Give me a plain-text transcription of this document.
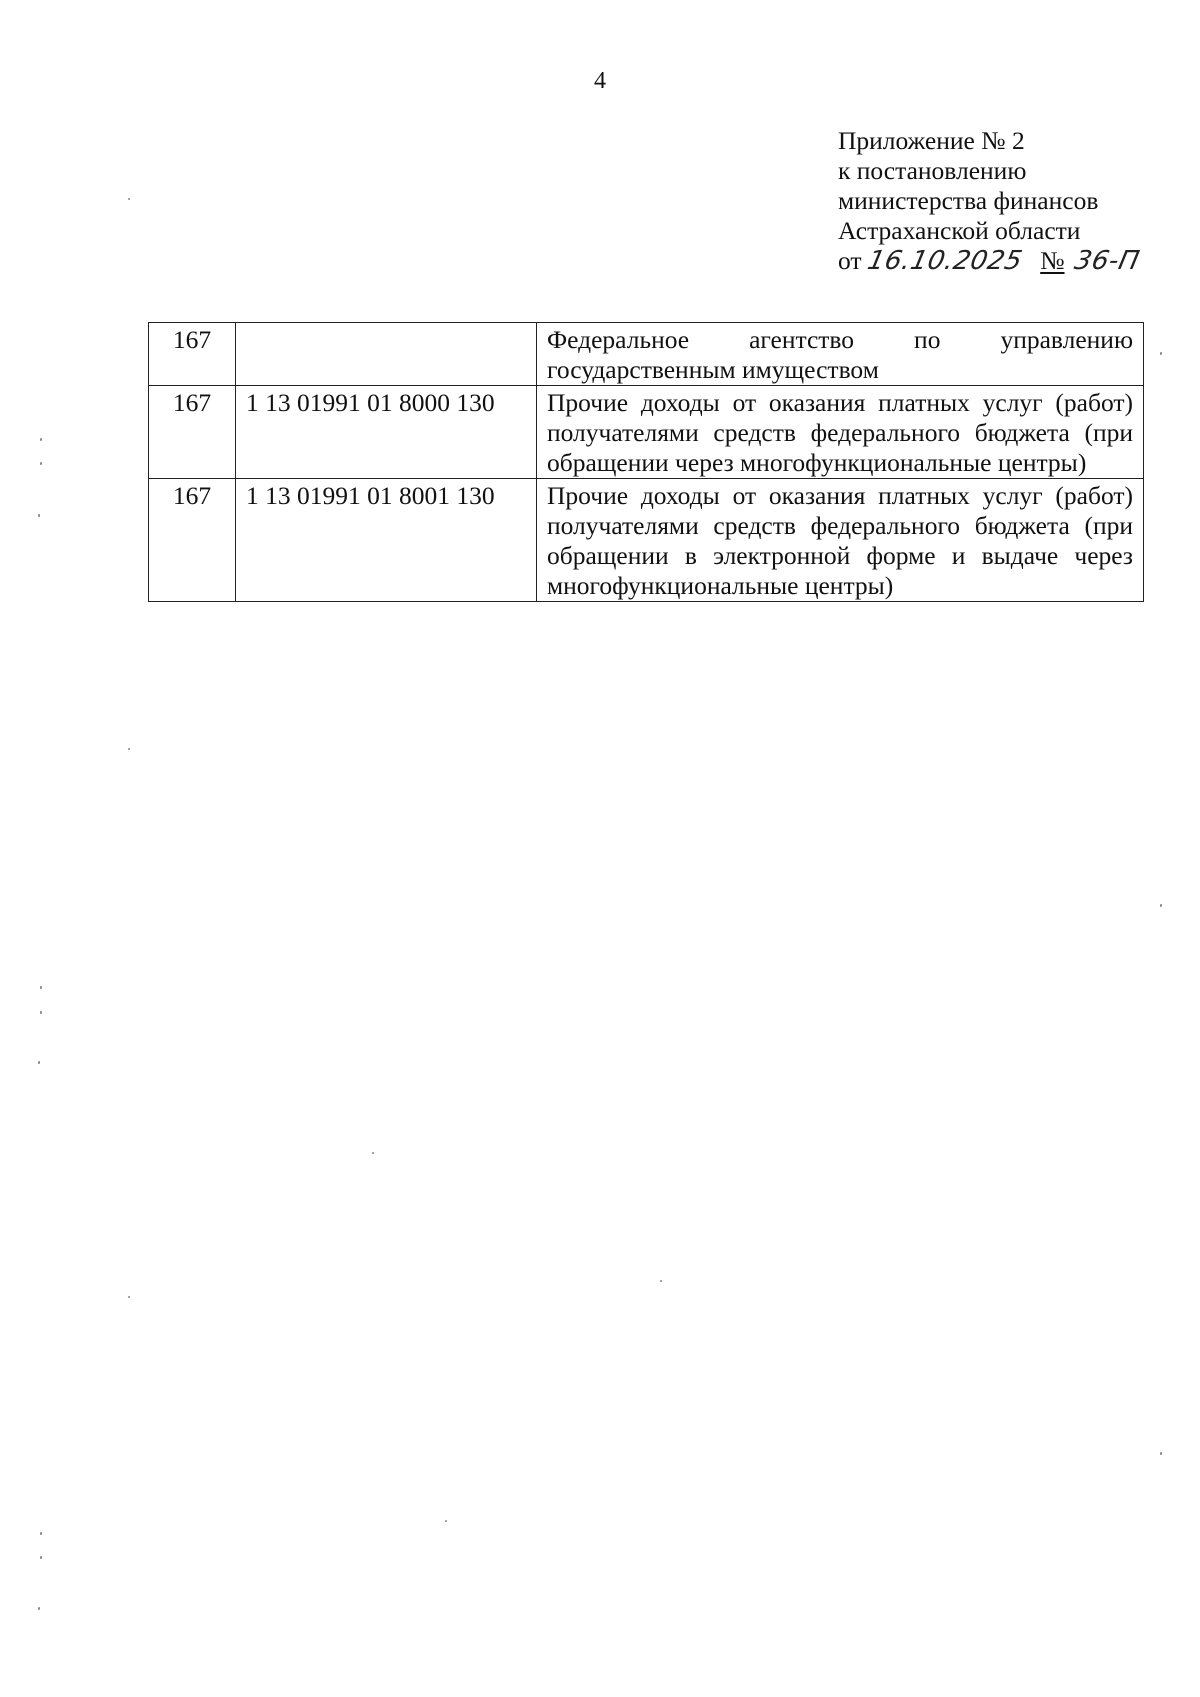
4
Приложение № 2
к постановлению
министерства финансов
Астраханской области
от 16.10.2025 № 36-П
167		Федеральное агентство по управлению государственным имуществом
167	1 13 01991 01 8000 130	Прочие доходы от оказания платных услуг (работ) получателями средств федерального бюджета (при обращении через многофункциональные центры)
167	1 13 01991 01 8001 130	Прочие доходы от оказания платных услуг (работ) получателями средств федерального бюджета (при обращении в электронной форме и выдаче через многофункциональные центры)
